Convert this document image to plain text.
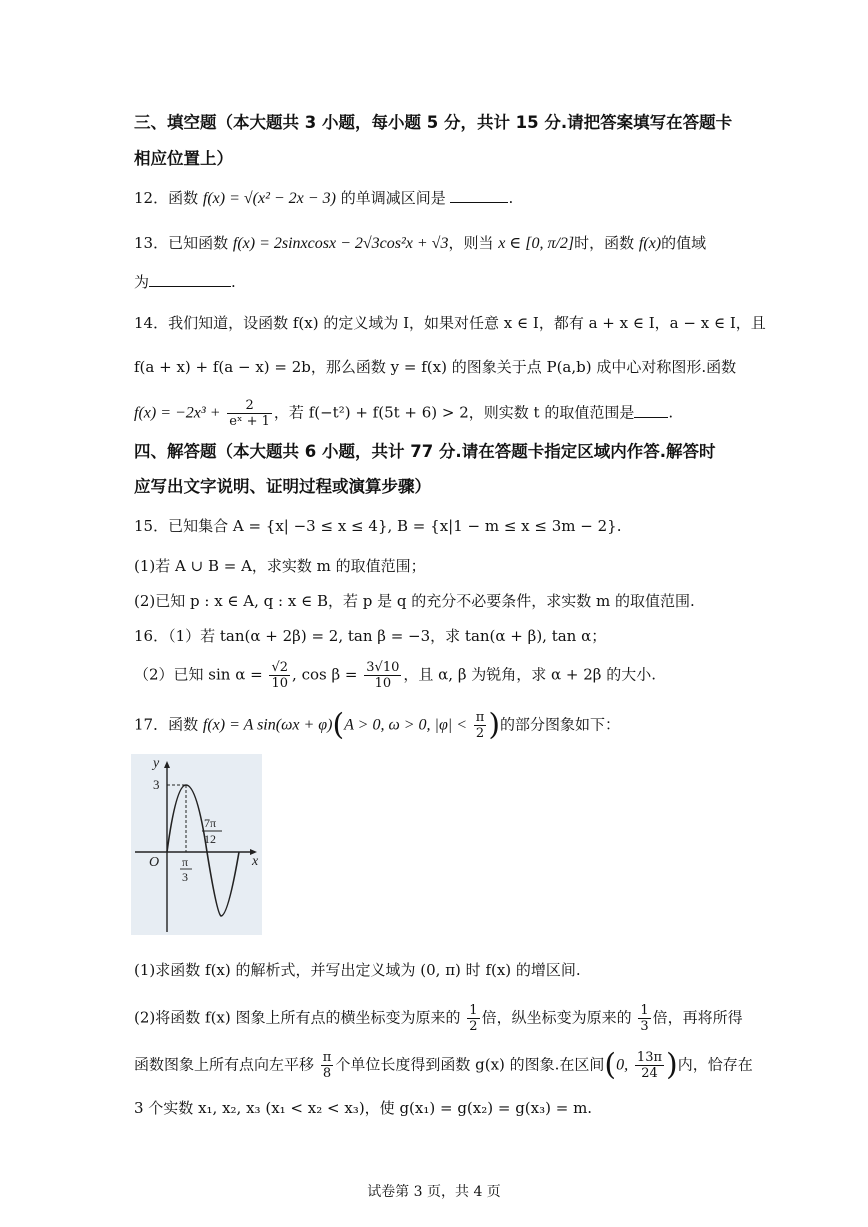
三、填空题（本大题共 3 小题，每小题 5 分，共计 15 分.请把答案填写在答题卡
相应位置上）
12．函数 f(x) = √(x² − 2x − 3) 的单调减区间是	.
13．已知函数 f(x) = 2sinxcosx − 2√3cos²x + √3，则当 x ∈ [0, π/2]时，函数 f(x)的值域
为	.
14．我们知道，设函数 f(x) 的定义域为 I，如果对任意 x ∈ I，都有 a + x ∈ I，a − x ∈ I，且
f(a + x) + f(a − x) = 2b，那么函数 y = f(x) 的图象关于点 P(a,b) 成中心对称图形.函数
$f(x) = -2x^3 + \frac{2}{\text{eˣ + 1}}$ ，若 f(−t²) + f(5t + 6) > 2，则实数 t 的取值范围是 .
四、解答题（本大题共 6 小题，共计 77 分.请在答题卡指定区域内作答.解答时
应写出文字说明、证明过程或演算步骤）
15．已知集合 A = {x| −3 ≤ x ≤ 4}, B = {x|1 − m ≤ x ≤ 3m − 2}.
(1)若 A ∪ B = A，求实数 m 的取值范围；
(2)已知 p : x ∈ A, q : x ∈ B，若 p 是 q 的充分不必要条件，求实数 m 的取值范围.
16．（1）若 tan(α + 2β) = 2, tan β = −3，求 tan(α + β), tan α；
（2）已知 $\sin \alpha = \frac{√2}{10}$ , $\cos \beta = \frac{3√10}{10}$ ，且 α, β 为锐角，求 α + 2β 的大小.
17．函数 f(x) = A sin(ωx + φ)(A > 0, ω > 0, $|\varphi| < \frac{\pi}{2}$ )的部分图象如下：
y
x
O
3
π
3
7π
12
(1)求函数 f(x) 的解析式，并写出定义域为 (0, π) 时 f(x) 的增区间.
(2)将函数 f(x) 图象上所有点的横坐标变为原来的 $\frac{1}{2}$ 倍，纵坐标变为原来的 $\frac{1}{3}$ 倍，再将所得
函数图象上所有点向左平移 $\frac{\pi}{8}$ 个单位长度得到函数 g(x) 的图象.在区间(0, $\frac{13\pi}{24}$ )内，恰存在
3 个实数 x₁, x₂, x₃ (x₁ < x₂ < x₃)，使 g(x₁) = g(x₂) = g(x₃) = m.
试卷第 3 页，共 4 页
